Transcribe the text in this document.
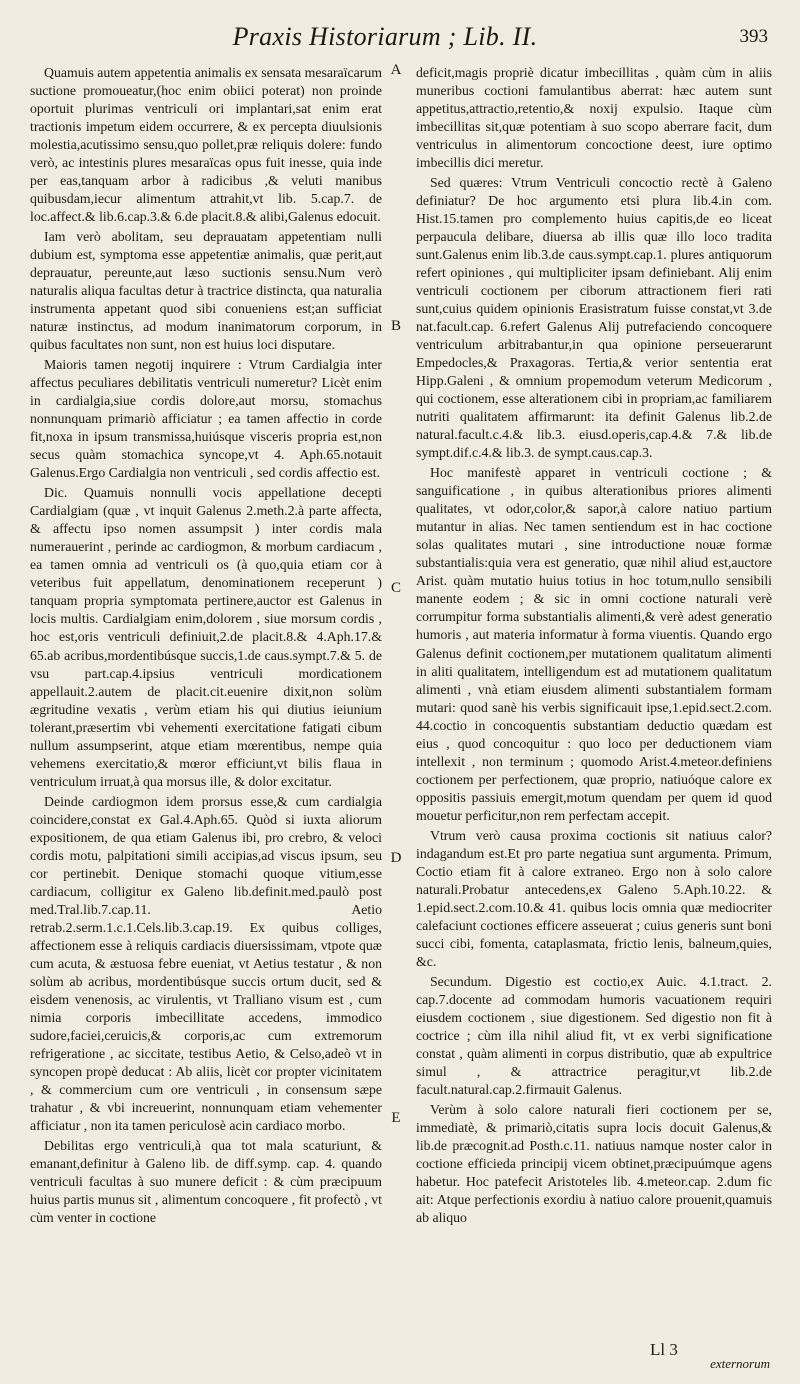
Praxis Historiarum ; Lib. II.	393

Quamuis autem appetentia animalis ex sensata mesaraïcarum suctione promoueatur,(hoc enim obiici poterat) non proinde oportuit plurimas ventriculi ori implantari,sat enim erat tractionis impetum eidem occurrere, & ex percepta diuulsionis molestia,acutissimo sensu,quo pollet,præ reliquis dolere: fundo verò, ac intestinis plures mesaraïcas opus fuit inesse, quia inde per eas,tanquam arbor à radicibus ,& veluti manibus quibusdam,iecur alimentum attrahit,vt lib. 5.cap.7. de loc.affect.& lib.6.cap.3.& 6.de placit.8.& alibi,Galenus edocuit.

Iam verò abolitam, seu deprauatam appetentiam nulli dubium est, symptoma esse appetentiæ animalis, quæ perit,aut deprauatur, pereunte,aut læso suctionis sensu.Num verò naturalis aliqua facultas detur à tractrice distincta, qua naturalia instrumenta appetant quod sibi conueniens est;an sufficiat naturæ instinctus, ad modum inanimatorum corporum, in quibus facultates non sunt, non est huius loci disputare.

Maioris tamen negotij inquirere : Vtrum Cardialgia inter affectus peculiares debilitatis ventriculi numeretur? Licèt enim in cardialgia,siue cordis dolore,aut morsu, stomachus nonnunquam primariò afficiatur ; ea tamen affectio in corde fit,noxa in ipsum transmissa,huiúsque visceris propria est,non secus quàm stomachica syncope,vt 4. Aph.65.notauit Galenus.Ergo Cardialgia non ventriculi , sed cordis affectio est.

Dic. Quamuis nonnulli vocis appellatione decepti Cardialgiam (quæ , vt inquit Galenus 2.meth.2.à parte affecta, & affectu ipso nomen assumpsit ) inter cordis mala numerauerint , perinde ac cardiogmon, & morbum cardiacum , ea tamen omnia ad ventriculi os (à quo,quia etiam cor à veteribus fuit appellatum, denominationem receperunt ) tanquam propria symptomata pertinere,auctor est Galenus in locis multis. Cardialgiam enim,dolorem , siue morsum cordis , hoc est,oris ventriculi definiuit,2.de placit.8.& 4.Aph.17.& 65.ab acribus,mordentibúsque succis,1.de caus.sympt.7.& 5. de vsu part.cap.4.ipsius ventriculi mordicationem appellauit.2.autem de placit.cit.euenire dixit,non solùm ægritudine vexatis , verùm etiam his qui diutius ieiunium tolerant,præsertim vbi vehementi exercitatione fatigati cibum nullum assumpserint, atque etiam mœrentibus, nempe quia vehemens exercitatio,& mœror efficiunt,vt bilis flaua in ventriculum irruat,à qua morsus ille, & dolor excitatur.

Deinde cardiogmon idem prorsus esse,& cum cardialgia coincidere,constat ex Gal.4.Aph.65. Quòd si iuxta aliorum expositionem, de qua etiam Galenus ibi, pro crebro, & veloci cordis motu, palpitationi simili accipias,ad viscus ipsum, seu cor pertinebit. Denique stomachi quoque vitium,esse cardiacum, colligitur ex Galeno lib.definit.med.paulò post med.Tral.lib.7.cap.11. Aetio retrab.2.serm.1.c.1.Cels.lib.3.cap.19. Ex quibus colliges, affectionem esse à reliquis cardiacis diuersissimam, vtpote quæ cum acuta, & æstuosa febre eueniat, vt Aetius testatur , & non solùm ab acribus, mordentibúsque succis ortum ducit, sed & eisdem venenosis, ac virulentis, vt Tralliano visum est , cum nimia corporis imbecillitate accedens, immodico sudore,faciei,ceruicis,& corporis,ac cum extremorum refrigeratione , ac siccitate, testibus Aetio, & Celso,adeò vt in syncopen propè deducat : Ab aliis, licèt cor propter vicinitatem , & commercium cum ore ventriculi , in consensum sæpe trahatur , & vbi increuerint, nonnunquam etiam vehementer afficiatur , non ita tamen periculosè acin cardiaco morbo.

Debilitas ergo ventriculi,à qua tot mala scaturiunt, & emanant,definitur à Galeno lib. de diff.symp. cap. 4. quando ventriculi facultas à suo munere deficit : & cùm præcipuum huius partis munus sit , alimentum concoquere , fit profectò , vt cùm venter in coctione

A
B
C
D
E

deficit,magis propriè dicatur imbecillitas , quàm cùm in aliis muneribus coctioni famulantibus aberrat: hæc autem sunt appetitus,attractio,retentio,& noxij expulsio. Itaque cùm imbecillitas sit,quæ potentiam à suo scopo aberrare facit, dum ventriculus in alimentorum concoctione deest, iure optimo imbecillis dici meretur.

Sed quæres: Vtrum Ventriculi concoctio rectè à Galeno definiatur? De hoc argumento etsi plura lib.4.in com. Hist.15.tamen pro complemento huius capitis,de eo liceat perpaucula delibare, diuersa ab illis quæ illo loco tradita sunt.Galenus enim lib.3.de caus.sympt.cap.1. plures antiquorum refert opiniones , qui multipliciter ipsam definiebant. Alij enim ventriculi coctionem per ciborum attractionem fieri rati sunt,cuius quidem opinionis Erasistratum fuisse constat,vt 3.de nat.facult.cap. 6.refert Galenus Alij putrefaciendo concoquere ventriculum arbitrabantur,in qua opinione perseuerarunt Empedocles,& Praxagoras. Tertia,& verior sententia erat Hipp.Galeni , & omnium propemodum veterum Medicorum , qui coctionem, esse alterationem cibi in propriam,ac familiarem nutriti qualitatem affirmarunt: ita definit Galenus lib.2.de natural.facult.c.4.& lib.3. eiusd.operis,cap.4.& 7.& lib.de sympt.dif.c.4.& lib.3. de sympt.caus.cap.3.

Hoc manifestè apparet in ventriculi coctione ; & sanguificatione , in quibus alterationibus priores alimenti qualitates, vt odor,color,& sapor,à calore natiuo partium mutantur in alias. Nec tamen sentiendum est in hac coctione solas qualitates mutari , sine introductione nouæ formæ substantialis:quia vera est generatio, quæ nihil aliud est,auctore Arist. quàm mutatio huius totius in hoc totum,nullo sensibili manente eodem ; & sic in omni coctione naturali verè corrumpitur forma substantialis alimenti,& verè adest generatio humoris , aut materia informatur à forma viuentis. Quando ergo Galenus definit coctionem,per mutationem qualitatum alimenti in aliti qualitatem, intelligendum est ad mutationem qualitatum alimenti , vnà etiam eiusdem alimenti substantialem formam mutari: quod sanè his verbis significauit ipse,1.epid.sect.2.com. 44.coctio in concoquentis substantiam deductio quædam est eius , quod concoquitur : quo loco per deductionem viam intellexit , non terminum ; quomodo Arist.4.meteor.definiens coctionem per perfectionem, quæ proprio, natiuóque calore ex oppositis passiuis emergit,motum quendam per quem id quod mouetur perficitur,non rem perfectam accepit.

Vtrum verò causa proxima coctionis sit natiuus calor? indagandum est.Et pro parte negatiua sunt argumenta. Primum, Coctio etiam fit à calore extraneo. Ergo non à solo calore naturali.Probatur antecedens,ex Galeno 5.Aph.10.22. & 1.epid.sect.2.com.10.& 41. quibus locis omnia quæ mediocriter calefaciunt coctiones efficere asseuerat ; cuius generis sunt boni succi cibi, fomenta, cataplasmata, frictio lenis, balneum,quies, &c.

Secundum. Digestio est coctio,ex Auic. 4.1.tract. 2. cap.7.docente ad commodam humoris vacuationem requiri eiusdem coctionem , siue digestionem. Sed digestio non fit à coctrice ; cùm illa nihil aliud fit, vt ex verbi significatione constat , quàm alimenti in corpus distributio, quæ ab expultrice simul , & attractrice peragitur,vt lib.2.de facult.natural.cap.2.firmauit Galenus.

Verùm à solo calore naturali fieri coctionem per se, immediatè, & primariò,citatis supra locis docuit Galenus,& lib.de præcognit.ad Posth.c.11. natiuus namque noster calor in coctione efficieda principij vicem obtinet,præcipuúmque agens habetur. Hoc patefecit Aristoteles lib. 4.meteor.cap. 2.dum fic ait: Atque perfectionis exordiu à natiuo calore prouenit,quamuis ab aliquo

Ll 3
externorum
